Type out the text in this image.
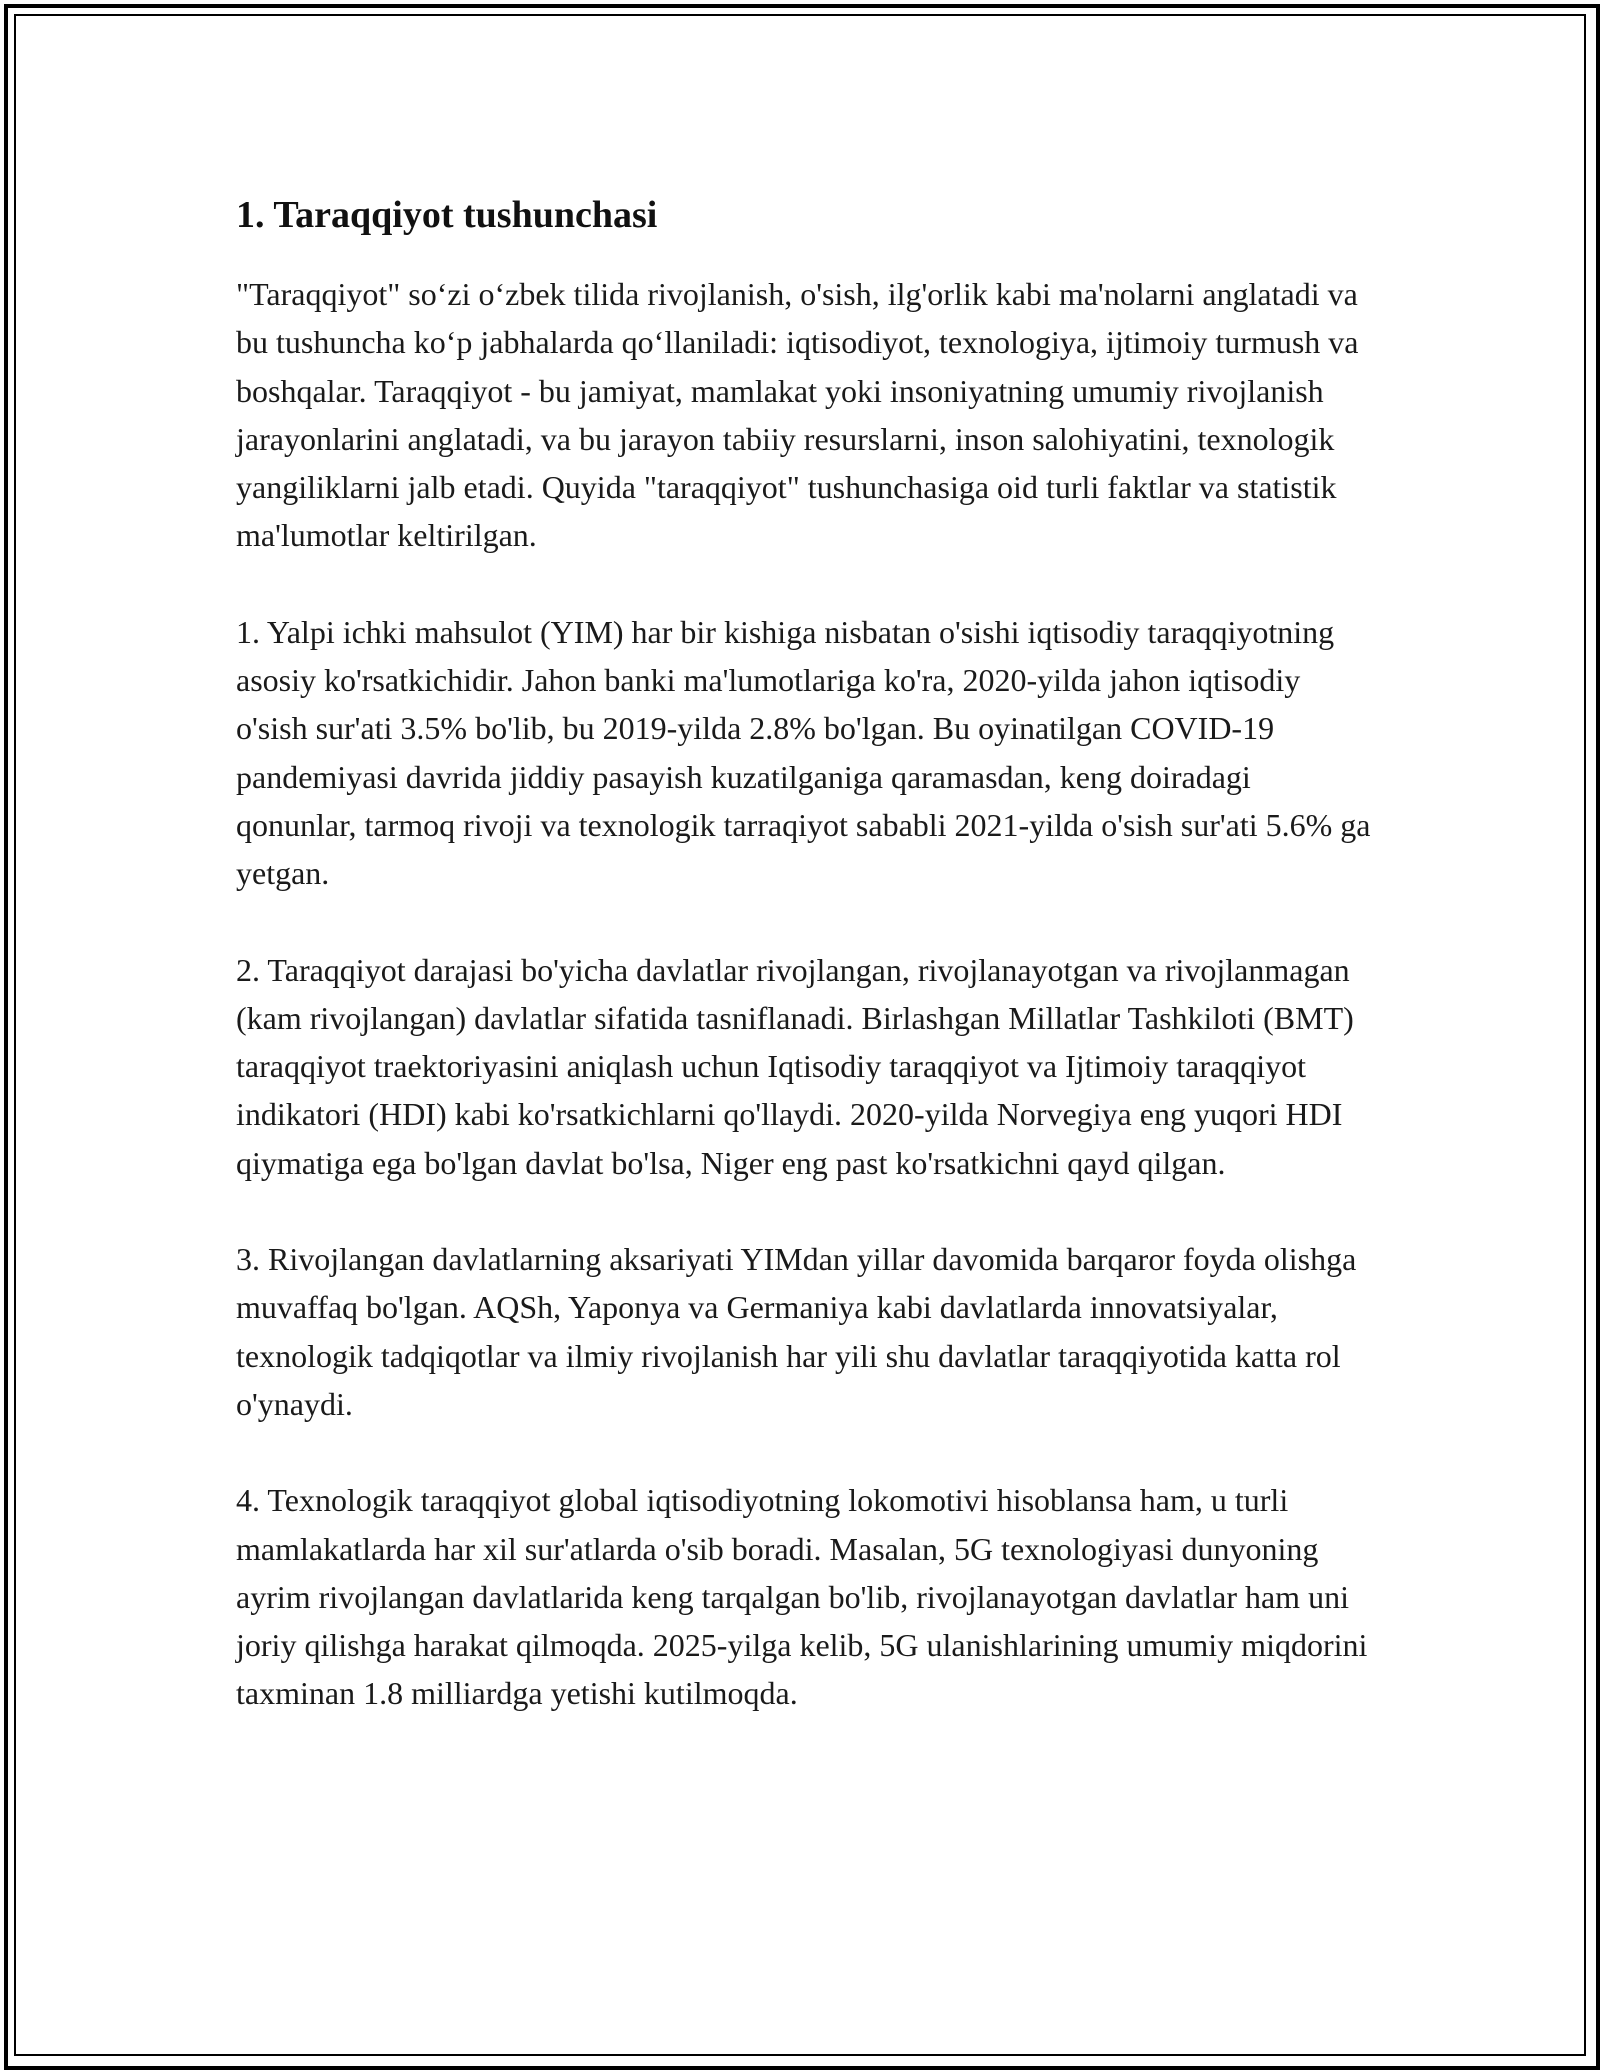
1. Taraqqiyot tushunchasi

"Taraqqiyot" so‘zi o‘zbek tilida rivojlanish, o'sish, ilg'orlik kabi ma'nolarni anglatadi va bu tushuncha ko‘p jabhalarda qo‘llaniladi: iqtisodiyot, texnologiya, ijtimoiy turmush va boshqalar. Taraqqiyot - bu jamiyat, mamlakat yoki insoniyatning umumiy rivojlanish jarayonlarini anglatadi, va bu jarayon tabiiy resurslarni, inson salohiyatini, texnologik yangiliklarni jalb etadi. Quyida "taraqqiyot" tushunchasiga oid turli faktlar va statistik ma'lumotlar keltirilgan.

1. Yalpi ichki mahsulot (YIM) har bir kishiga nisbatan o'sishi iqtisodiy taraqqiyotning asosiy ko'rsatkichidir. Jahon banki ma'lumotlariga ko'ra, 2020-yilda jahon iqtisodiy o'sish sur'ati 3.5% bo'lib, bu 2019-yilda 2.8% bo'lgan. Bu oyinatilgan COVID-19 pandemiyasi davrida jiddiy pasayish kuzatilganiga qaramasdan, keng doiradagi qonunlar, tarmoq rivoji va texnologik tarraqiyot sababli 2021-yilda o'sish sur'ati 5.6% ga yetgan.

2. Taraqqiyot darajasi bo'yicha davlatlar rivojlangan, rivojlanayotgan va rivojlanmagan (kam rivojlangan) davlatlar sifatida tasniflanadi. Birlashgan Millatlar Tashkiloti (BMT) taraqqiyot traektoriyasini aniqlash uchun Iqtisodiy taraqqiyot va Ijtimoiy taraqqiyot indikatori (HDI) kabi ko'rsatkichlarni qo'llaydi. 2020-yilda Norvegiya eng yuqori HDI qiymatiga ega bo'lgan davlat bo'lsa, Niger eng past ko'rsatkichni qayd qilgan.

3. Rivojlangan davlatlarning aksariyati YIMdan yillar davomida barqaror foyda olishga muvaffaq bo'lgan. AQSh, Yaponya va Germaniya kabi davlatlarda innovatsiyalar, texnologik tadqiqotlar va ilmiy rivojlanish har yili shu davlatlar taraqqiyotida katta rol o'ynaydi.

4. Texnologik taraqqiyot global iqtisodiyotning lokomotivi hisoblansa ham, u turli mamlakatlarda har xil sur'atlarda o'sib boradi. Masalan, 5G texnologiyasi dunyoning ayrim rivojlangan davlatlarida keng tarqalgan bo'lib, rivojlanayotgan davlatlar ham uni joriy qilishga harakat qilmoqda. 2025-yilga kelib, 5G ulanishlarining umumiy miqdorini taxminan 1.8 milliardga yetishi kutilmoqda.
